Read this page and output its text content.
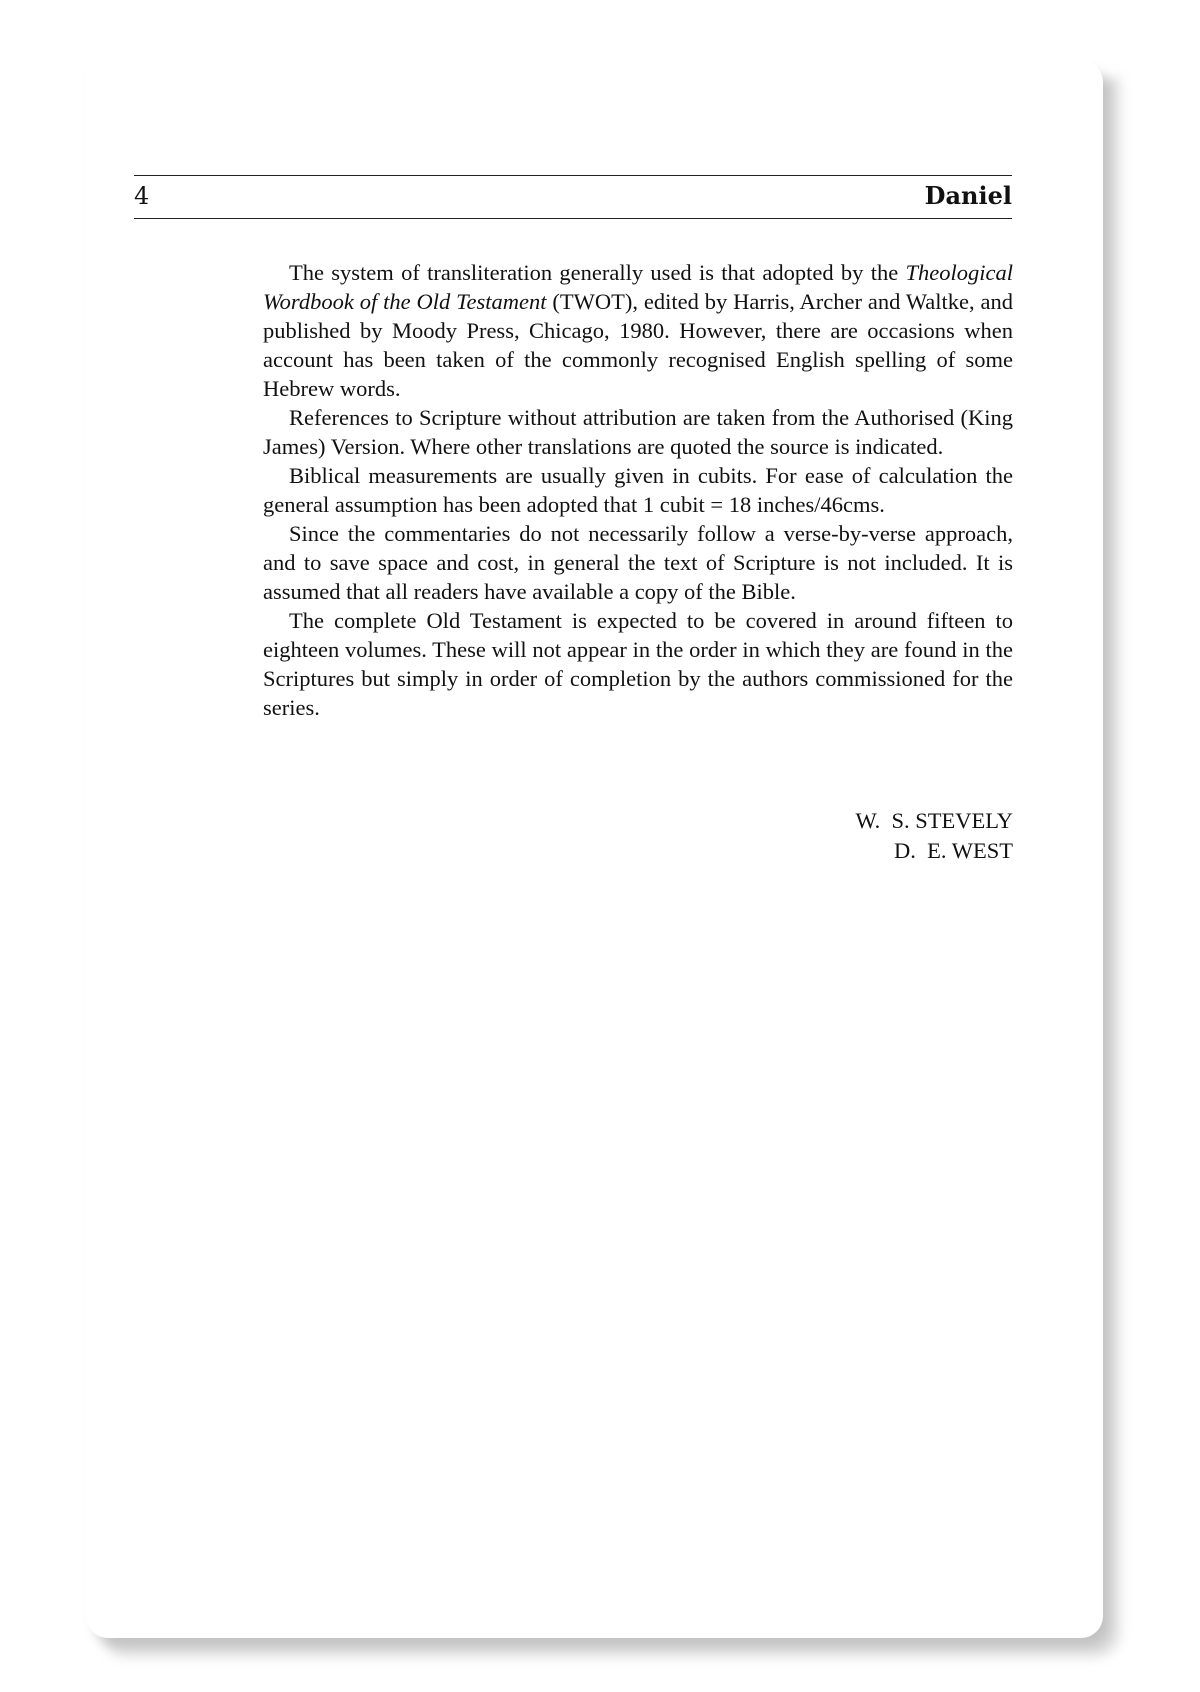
4	Daniel

The system of transliteration generally used is that adopted by the Theological Wordbook of the Old Testament (TWOT), edited by Harris, Archer and Waltke, and published by Moody Press, Chicago, 1980. However, there are occasions when account has been taken of the commonly recognised English spelling of some Hebrew words.

References to Scripture without attribution are taken from the Authorised (King James) Version. Where other translations are quoted the source is indicated.

Biblical measurements are usually given in cubits. For ease of calculation the general assumption has been adopted that 1 cubit = 18 inches/46cms.

Since the commentaries do not necessarily follow a verse-by-verse approach, and to save space and cost, in general the text of Scripture is not included. It is assumed that all readers have available a copy of the Bible.

The complete Old Testament is expected to be covered in around fifteen to eighteen volumes. These will not appear in the order in which they are found in the Scriptures but simply in order of completion by the authors commissioned for the series.

W.  S. STEVELY
D.  E. WEST
